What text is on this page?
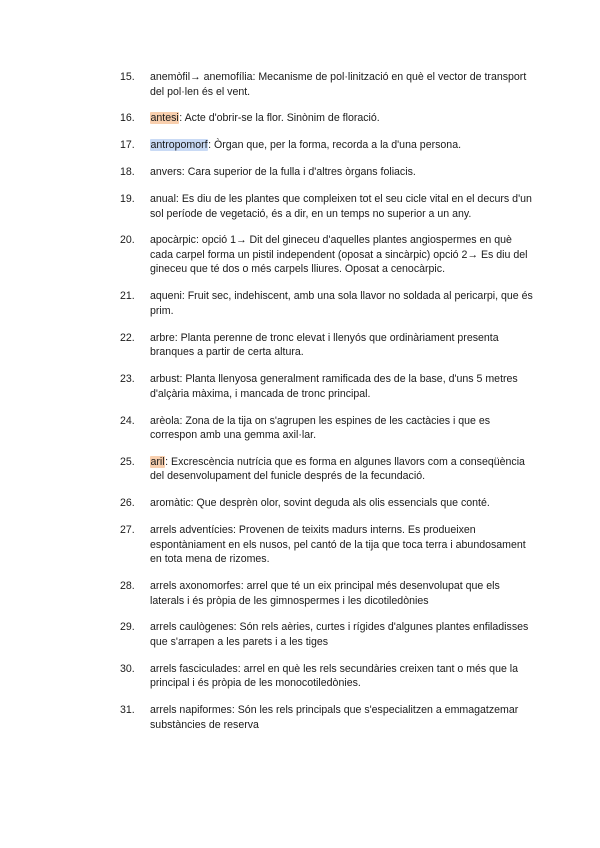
15.	anemòfil→ anemofília: Mecanisme de pol·linització en què el vector de transport del pol·len és el vent.
16.	antesi: Acte d'obrir-se la flor. Sinònim de floració.
17.	antropomorf: Òrgan que, per la forma, recorda a la d'una persona.
18.	anvers: Cara superior de la fulla i d'altres òrgans foliacis.
19.	anual: Es diu de les plantes que compleixen tot el seu cicle vital en el decurs d'un sol període de vegetació, és a dir, en un temps no superior a un any.
20.	apocàrpic: opció 1→ Dit del gineceu d'aquelles plantes angiospermes en què cada carpel forma un pistil independent (oposat a sincàrpic) opció 2→ Es diu del gineceu que té dos o més carpels lliures. Oposat a cenocàrpic.
21.	aqueni: Fruit sec, indehiscent, amb una sola llavor no soldada al pericarpi, que és prim.
22.	arbre: Planta perenne de tronc elevat i llenyós que ordinàriament presenta branques a partir de certa altura.
23.	arbust: Planta llenyosa generalment ramificada des de la base, d'uns 5 metres d'alçària màxima, i mancada de tronc principal.
24.	arèola: Zona de la tija on s'agrupen les espines de les cactàcies i que es correspon amb una gemma axil·lar.
25.	aril: Excrescència nutrícia que es forma en algunes llavors com a conseqüència del desenvolupament del funicle després de la fecundació.
26.	aromàtic: Que desprèn olor, sovint deguda als olis essencials que conté.
27.	arrels adventícies: Provenen de teixits madurs interns. Es produeixen espontàniament en els nusos, pel cantó de la tija que toca terra i abundosament en tota mena de rizomes.
28.	arrels axonomorfes: arrel que té un eix principal més desenvolupat que els laterals i és pròpia de les gimnospermes i les dicotiledònies
29.	arrels caulògenes: Són rels aèries, curtes i rígides d'algunes plantes enfiladisses que s'arrapen a les parets i a les tiges
30.	arrels fasciculades: arrel en què les rels secundàries creixen tant o més que la principal i és pròpia de les monocotiledònies.
31.	arrels napiformes: Són les rels principals que s'especialitzen a emmagatzemar substàncies de reserva
